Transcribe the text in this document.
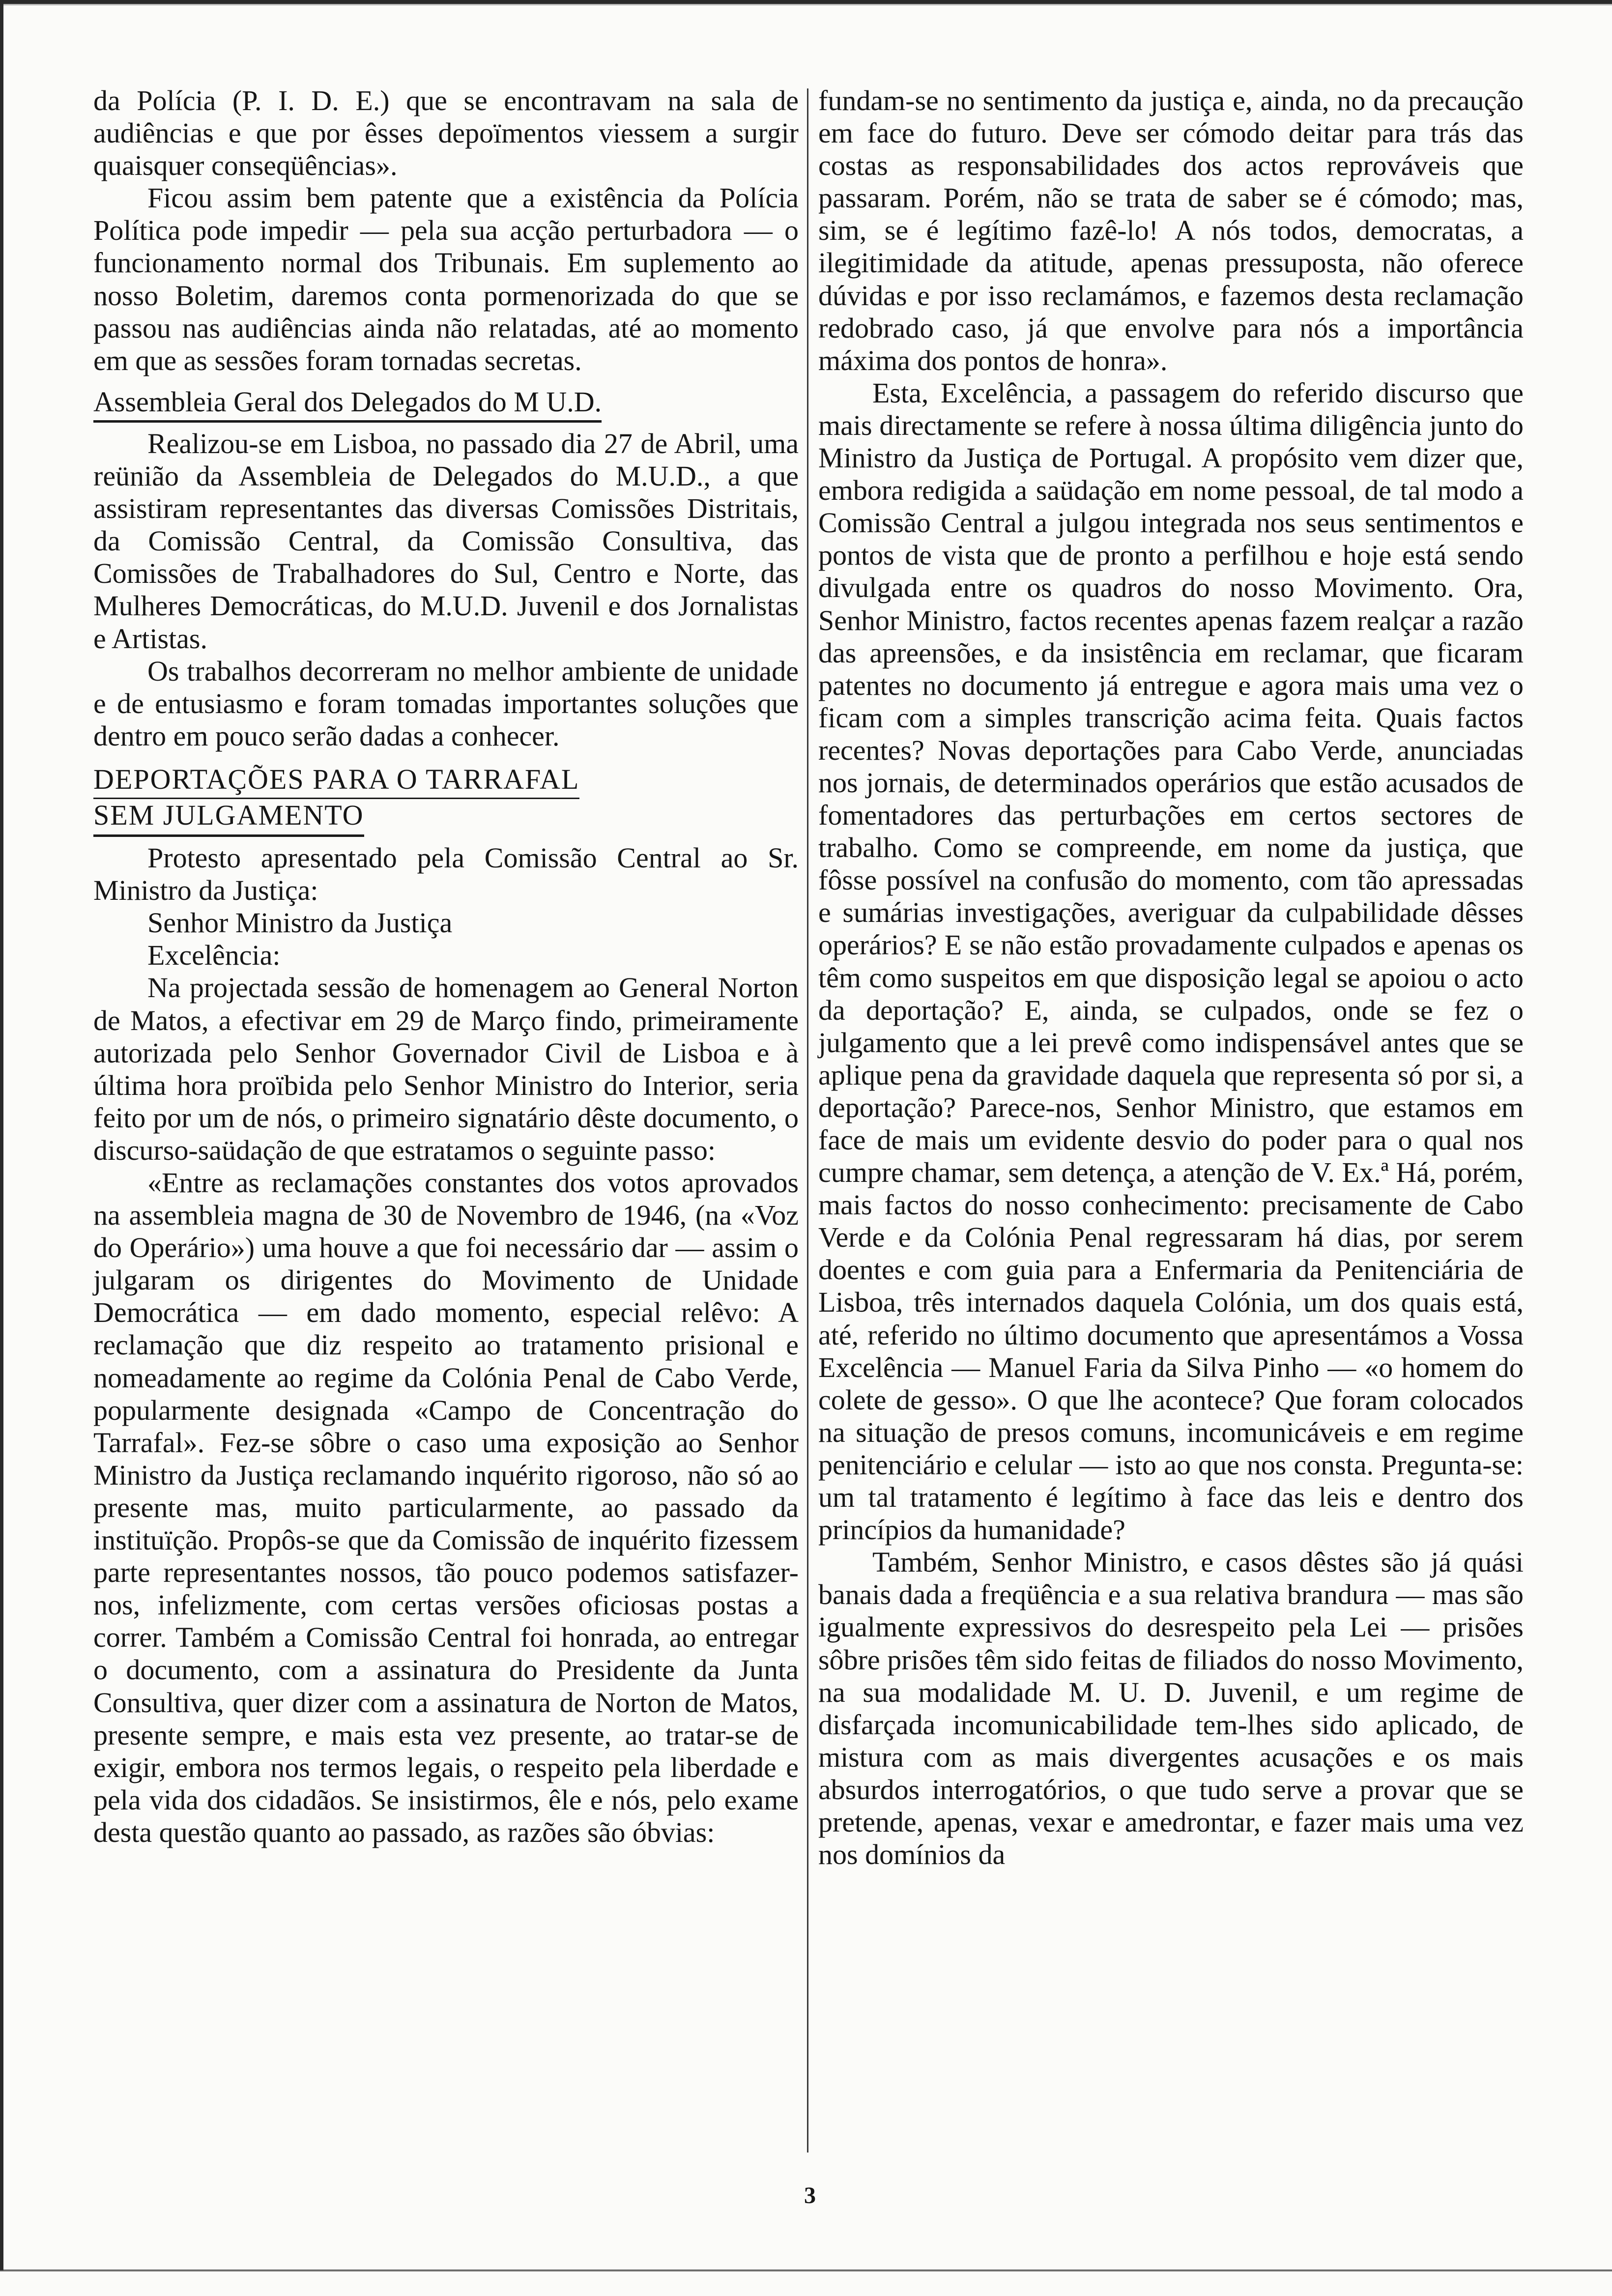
da Polícia (P. I. D. E.) que se encontravam na sala de audiências e que por êsses depoïmentos viessem a surgir quaisquer conseqüências».

Ficou assim bem patente que a existência da Polícia Política pode impedir — pela sua acção perturbadora — o funcionamento normal dos Tribunais. Em suplemento ao nosso Boletim, daremos conta pormenorizada do que se passou nas audiências ainda não relatadas, até ao momento em que as sessões foram tornadas secretas.

Assembleia Geral dos Delegados do M U.D.

Realizou-se em Lisboa, no passado dia 27 de Abril, uma reünião da Assembleia de Delegados do M.U.D., a que assistiram representantes das diversas Comissões Distritais, da Comissão Central, da Comissão Consultiva, das Comissões de Trabalhadores do Sul, Centro e Norte, das Mulheres Democráticas, do M.U.D. Juvenil e dos Jornalistas e Artistas.

Os trabalhos decorreram no melhor ambiente de unidade e de entusiasmo e foram tomadas importantes soluções que dentro em pouco serão dadas a conhecer.

DEPORTAÇÕES PARA O TARRAFAL

SEM JULGAMENTO

Protesto apresentado pela Comissão Central ao Sr. Ministro da Justiça:

Senhor Ministro da Justiça

Excelência:

Na projectada sessão de homenagem ao General Norton de Matos, a efectivar em 29 de Março findo, primeiramente autorizada pelo Senhor Governador Civil de Lisboa e à última hora proïbida pelo Senhor Ministro do Interior, seria feito por um de nós, o primeiro signatário dêste documento, o discurso-saüdação de que estratamos o seguinte passo:

«Entre as reclamações constantes dos votos aprovados na assembleia magna de 30 de Novembro de 1946, (na «Voz do Operário») uma houve a que foi necessário dar — assim o julgaram os dirigentes do Movimento de Unidade Democrática — em dado momento, especial relêvo: A reclamação que diz respeito ao tratamento prisional e nomeadamente ao regime da Colónia Penal de Cabo Verde, popularmente designada «Campo de Concentração do Tarrafal». Fez-se sôbre o caso uma exposição ao Senhor Ministro da Justiça reclamando inquérito rigoroso, não só ao presente mas, muito particularmente, ao passado da instituïção. Propôs-se que da Comissão de inquérito fizessem parte representantes nossos, tão pouco podemos satisfazer-nos, infelizmente, com certas versões oficiosas postas a correr. Também a Comissão Central foi honrada, ao entregar o documento, com a assinatura do Presidente da Junta Consultiva, quer dizer com a assinatura de Norton de Matos, presente sempre, e mais esta vez presente, ao tratar-se de exigir, embora nos termos legais, o respeito pela liberdade e pela vida dos cidadãos. Se insistirmos, êle e nós, pelo exame desta questão quanto ao passado, as razões são óbvias:

fundam-se no sentimento da justiça e, ainda, no da precaução em face do futuro. Deve ser cómodo deitar para trás das costas as responsabilidades dos actos reprováveis que passaram. Porém, não se trata de saber se é cómodo; mas, sim, se é legítimo fazê-lo! A nós todos, democratas, a ilegitimidade da atitude, apenas pressuposta, não oferece dúvidas e por isso reclamámos, e fazemos desta reclamação redobrado caso, já que envolve para nós a importância máxima dos pontos de honra».

Esta, Excelência, a passagem do referido discurso que mais directamente se refere à nossa última diligência junto do Ministro da Justiça de Portugal. A propósito vem dizer que, embora redigida a saüdação em nome pessoal, de tal modo a Comissão Central a julgou integrada nos seus sentimentos e pontos de vista que de pronto a perfilhou e hoje está sendo divulgada entre os quadros do nosso Movimento. Ora, Senhor Ministro, factos recentes apenas fazem realçar a razão das apreensões, e da insistência em reclamar, que ficaram patentes no documento já entregue e agora mais uma vez o ficam com a simples transcrição acima feita. Quais factos recentes? Novas deportações para Cabo Verde, anunciadas nos jornais, de determinados operários que estão acusados de fomentadores das perturbações em certos sectores de trabalho. Como se compreende, em nome da justiça, que fôsse possível na confusão do momento, com tão apressadas e sumárias investigações, averiguar da culpabilidade dêsses operários? E se não estão provadamente culpados e apenas os têm como suspeitos em que disposição legal se apoiou o acto da deportação? E, ainda, se culpados, onde se fez o julgamento que a lei prevê como indispensável antes que se aplique pena da gravidade daquela que representa só por si, a deportação? Parece-nos, Senhor Ministro, que estamos em face de mais um evidente desvio do poder para o qual nos cumpre chamar, sem detença, a atenção de V. Ex.ª Há, porém, mais factos do nosso conhecimento: precisamente de Cabo Verde e da Colónia Penal regressaram há dias, por serem doentes e com guia para a Enfermaria da Penitenciária de Lisboa, três internados daquela Colónia, um dos quais está, até, referido no último documento que apresentámos a Vossa Excelência — Manuel Faria da Silva Pinho — «o homem do colete de gesso». O que lhe acontece? Que foram colocados na situação de presos comuns, incomunicáveis e em regime penitenciário e celular — isto ao que nos consta. Pregunta-se: um tal tratamento é legítimo à face das leis e dentro dos princípios da humanidade?

Também, Senhor Ministro, e casos dêstes são já quási banais dada a freqüência e a sua relativa brandura — mas são igualmente expressivos do desrespeito pela Lei — prisões sôbre prisões têm sido feitas de filiados do nosso Movimento, na sua modalidade M. U. D. Juvenil, e um regime de disfarçada incomunicabilidade tem-lhes sido aplicado, de mistura com as mais divergentes acusações e os mais absurdos interrogatórios, o que tudo serve a provar que se pretende, apenas, vexar e amedrontar, e fazer mais uma vez nos domínios da

3
